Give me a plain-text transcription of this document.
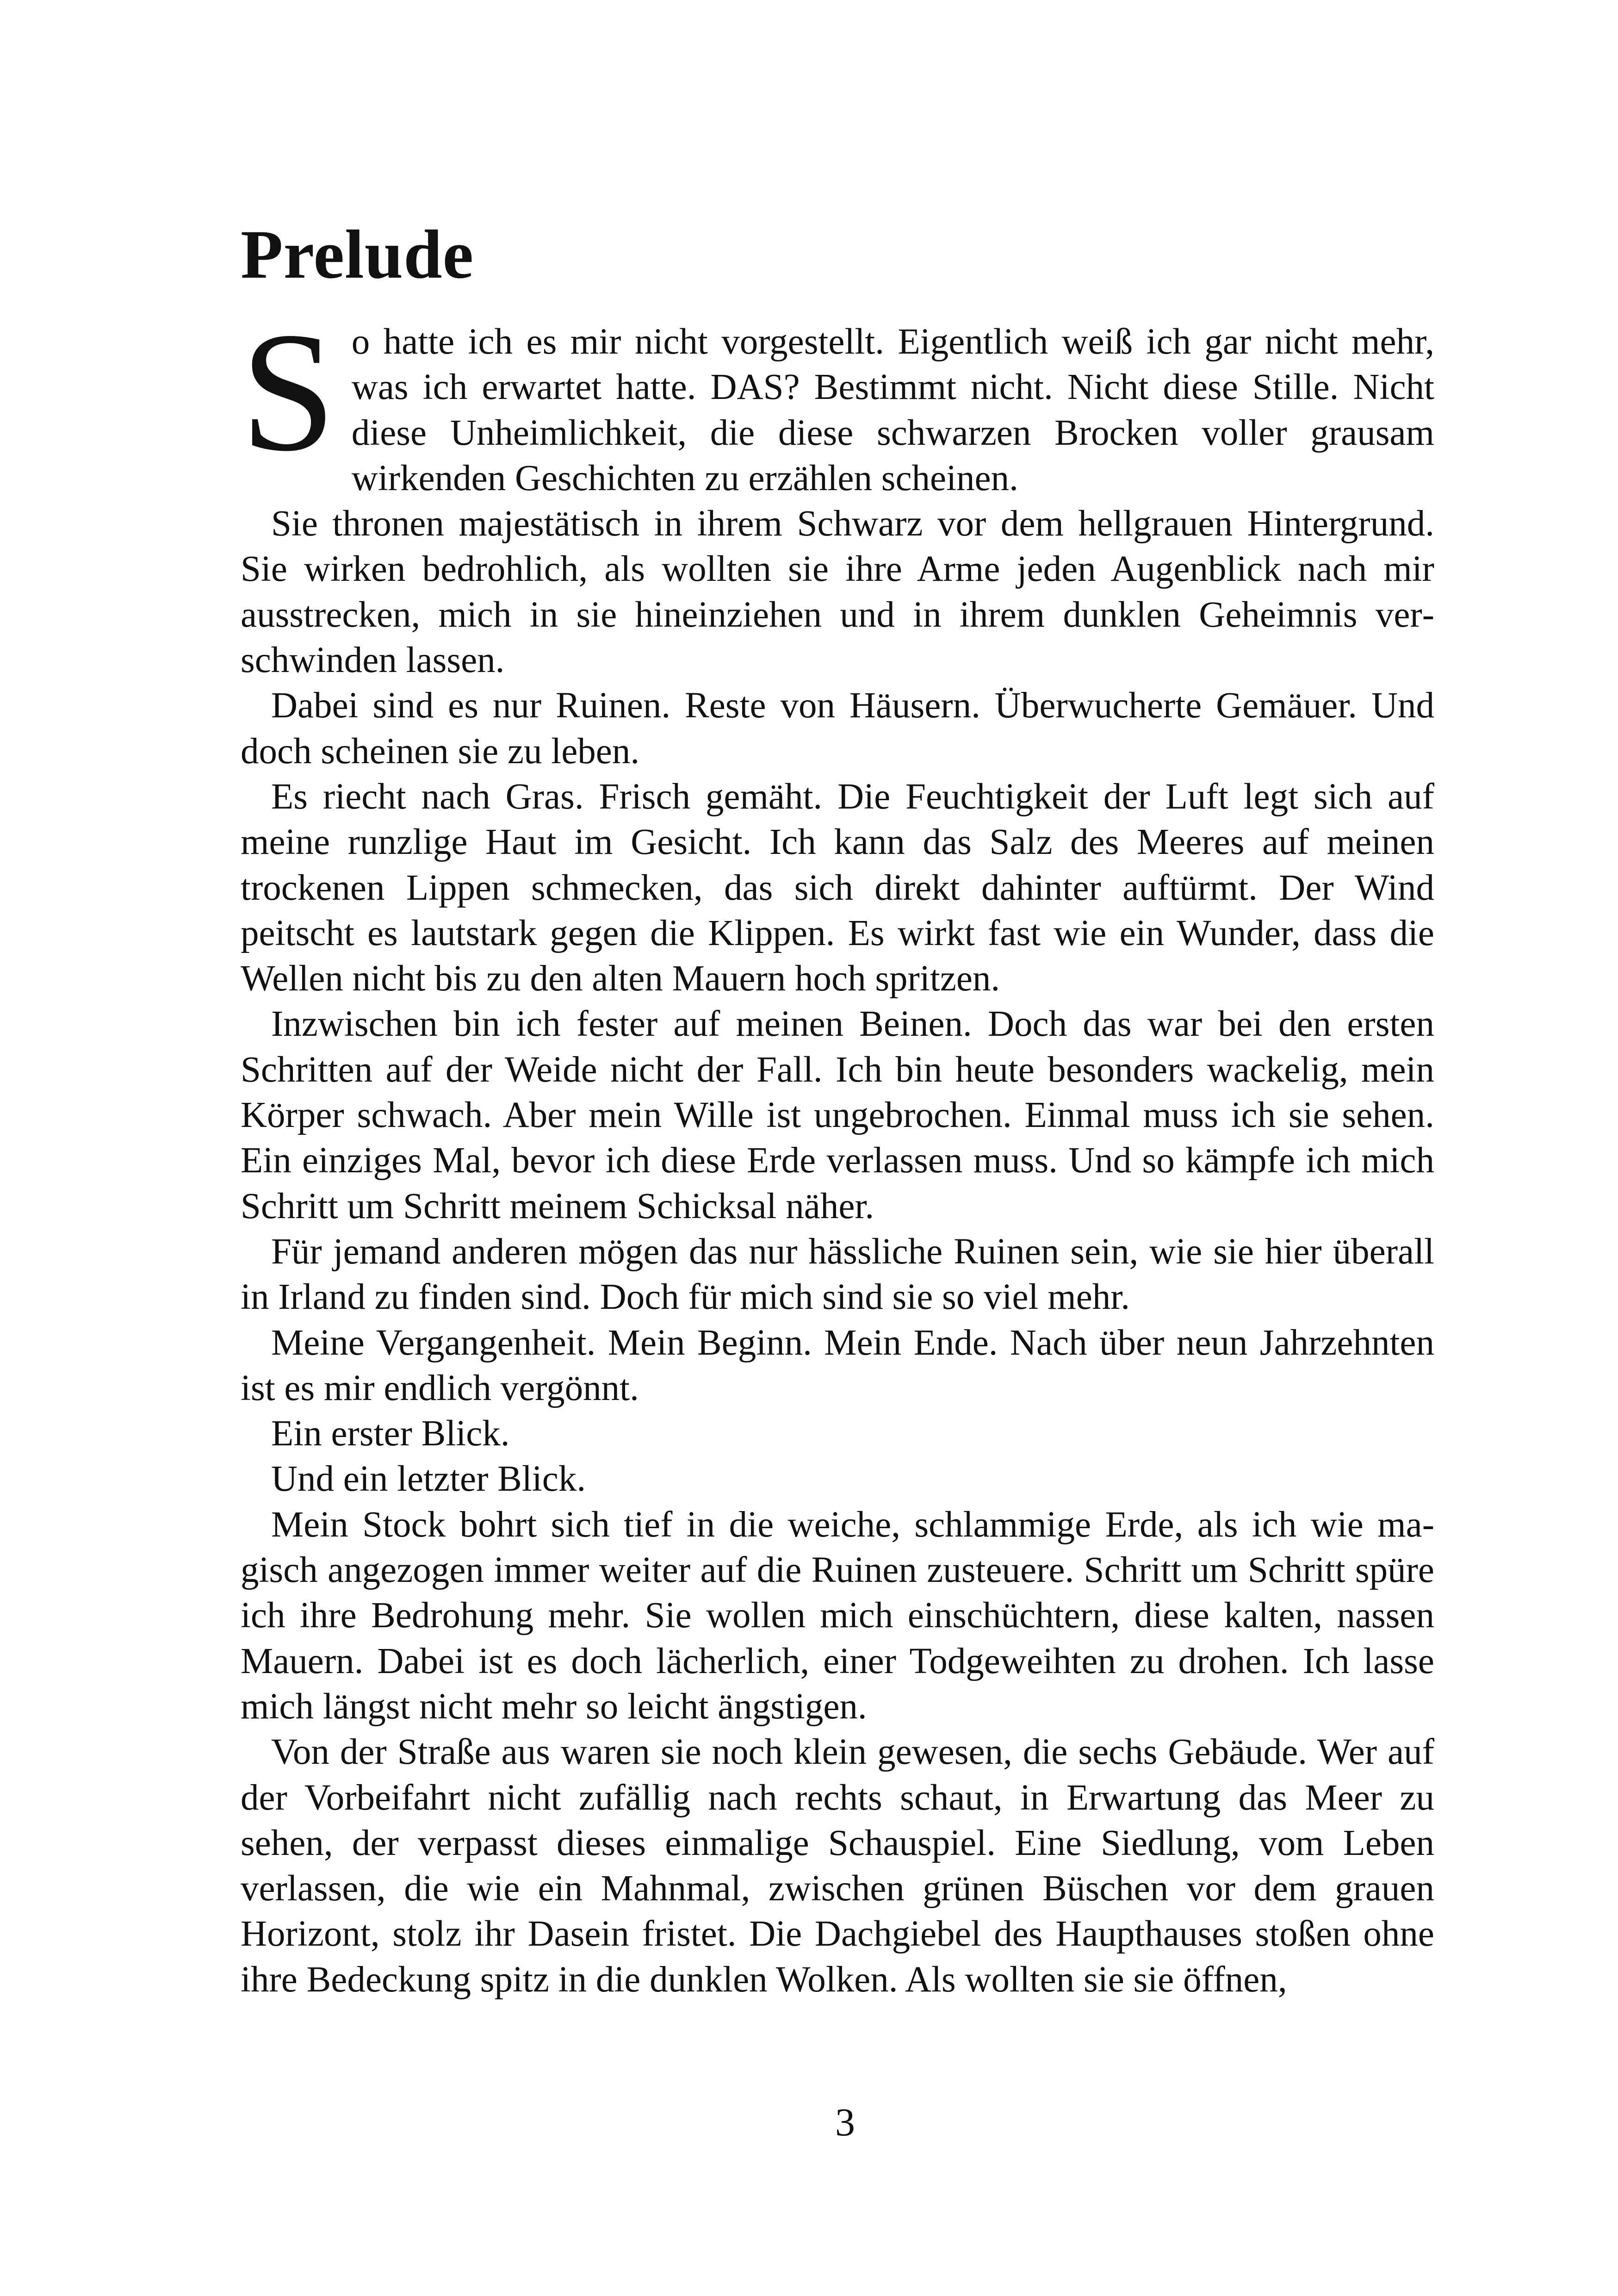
Prelude

So hatte ich es mir nicht vorgestellt. Eigentlich weiß ich gar nicht mehr, was ich erwartet hatte. DAS? Bestimmt nicht. Nicht diese Stille. Nicht diese Unheimlichkeit, die diese schwarzen Brocken voller grausam wirkenden Geschichten zu erzählen scheinen.

Sie thronen majestätisch in ihrem Schwarz vor dem hellgrauen Hintergrund. Sie wirken bedrohlich, als wollten sie ihre Arme jeden Augenblick nach mir ausstrecken, mich in sie hineinziehen und in ihrem dunklen Geheimnis verschwinden lassen.

Dabei sind es nur Ruinen. Reste von Häusern. Überwucherte Gemäuer. Und doch scheinen sie zu leben.

Es riecht nach Gras. Frisch gemäht. Die Feuchtigkeit der Luft legt sich auf meine runzlige Haut im Gesicht. Ich kann das Salz des Meeres auf meinen trockenen Lippen schmecken, das sich direkt dahinter auftürmt. Der Wind peitscht es lautstark gegen die Klippen. Es wirkt fast wie ein Wunder, dass die Wellen nicht bis zu den alten Mauern hoch spritzen.

Inzwischen bin ich fester auf meinen Beinen. Doch das war bei den ersten Schritten auf der Weide nicht der Fall. Ich bin heute besonders wackelig, mein Körper schwach. Aber mein Wille ist ungebrochen. Einmal muss ich sie sehen. Ein einziges Mal, bevor ich diese Erde verlassen muss. Und so kämpfe ich mich Schritt um Schritt meinem Schicksal näher.

Für jemand anderen mögen das nur hässliche Ruinen sein, wie sie hier überall in Irland zu finden sind. Doch für mich sind sie so viel mehr.

Meine Vergangenheit. Mein Beginn. Mein Ende. Nach über neun Jahrzehnten ist es mir endlich vergönnt.

Ein erster Blick.

Und ein letzter Blick.

Mein Stock bohrt sich tief in die weiche, schlammige Erde, als ich wie magisch angezogen immer weiter auf die Ruinen zusteuere. Schritt um Schritt spüre ich ihre Bedrohung mehr. Sie wollen mich einschüchtern, diese kalten, nassen Mauern. Dabei ist es doch lächerlich, einer Todgeweihten zu drohen. Ich lasse mich längst nicht mehr so leicht ängstigen.

Von der Straße aus waren sie noch klein gewesen, die sechs Gebäude. Wer auf der Vorbeifahrt nicht zufällig nach rechts schaut, in Erwartung das Meer zu sehen, der verpasst dieses einmalige Schauspiel. Eine Siedlung, vom Leben verlassen, die wie ein Mahnmal, zwischen grünen Büschen vor dem grauen Horizont, stolz ihr Dasein fristet. Die Dachgiebel des Haupthauses stoßen ohne ihre Bedeckung spitz in die dunklen Wolken. Als wollten sie sie öffnen,

3
